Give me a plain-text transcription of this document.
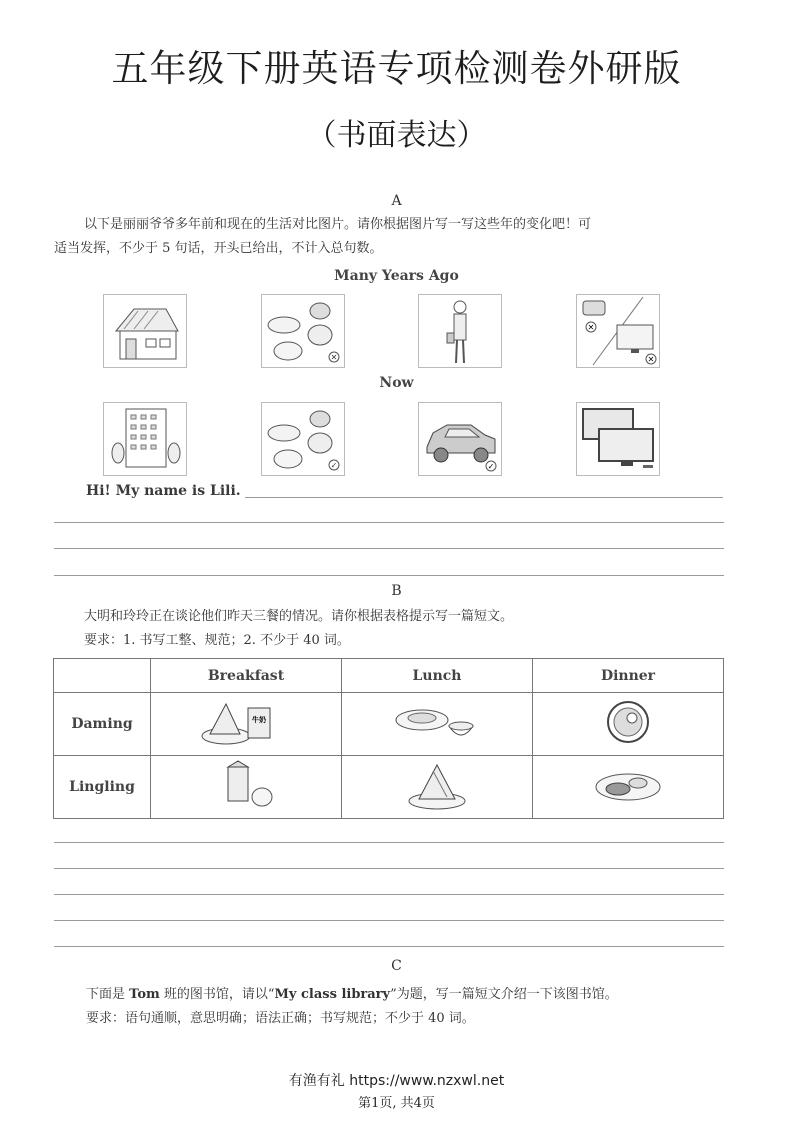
五年级下册英语专项检测卷外研版
（书面表达）
A
以下是丽丽爷爷多年前和现在的生活对比图片。请你根据图片写一写这些年的变化吧！可
适当发挥，不少于 5 句话，开头已给出，不计入总句数。
Many Years Ago
✕
✕
✕
Now
✓	✓
Hi! My name is Lili.
B
大明和玲玲正在谈论他们昨天三餐的情况。请你根据表格提示写一篇短文。
要求：1. 书写工整、规范；2. 不少于 40 词。
	Breakfast	Lunch	Dinner
Daming	牛奶

Lingling			
C
下面是 Tom 班的图书馆，请以“My class library”为题，写一篇短文介绍一下该图书馆。
要求：语句通顺，意思明确；语法正确；书写规范；不少于 40 词。
有渔有礼 https://www.nzxwl.net
第1页, 共4页
